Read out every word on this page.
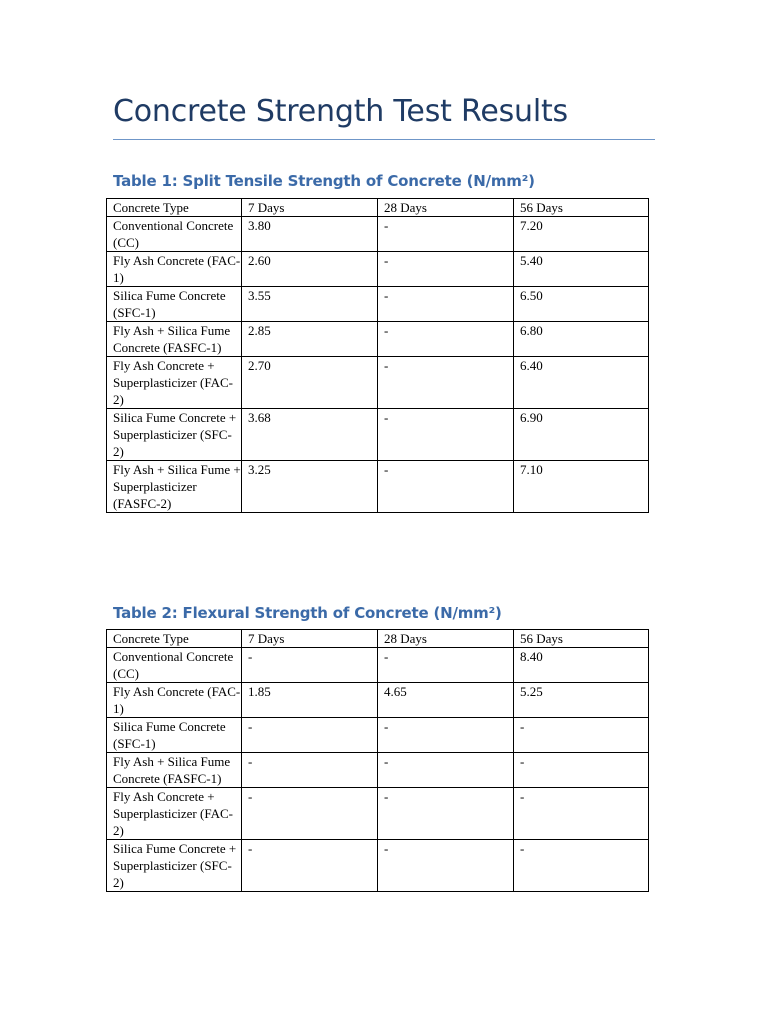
Concrete Strength Test Results
Table 1: Split Tensile Strength of Concrete (N/mm²)
Concrete Type	7 Days	28 Days	56 Days
Conventional Concrete (CC)	3.80	-	7.20
Fly Ash Concrete (FAC-1)	2.60	-	5.40
Silica Fume Concrete (SFC-1)	3.55	-	6.50
Fly Ash + Silica Fume Concrete (FASFC-1)	2.85	-	6.80
Fly Ash Concrete + Superplasticizer (FAC-2)	2.70	-	6.40
Silica Fume Concrete + Superplasticizer (SFC-2)	3.68	-	6.90
Fly Ash + Silica Fume + Superplasticizer (FASFC-2)	3.25	-	7.10
Table 2: Flexural Strength of Concrete (N/mm²)
Concrete Type	7 Days	28 Days	56 Days
Conventional Concrete (CC)	-	-	8.40
Fly Ash Concrete (FAC-1)	1.85	4.65	5.25
Silica Fume Concrete (SFC-1)	-	-	-
Fly Ash + Silica Fume Concrete (FASFC-1)	-	-	-
Fly Ash Concrete + Superplasticizer (FAC-2)	-	-	-
Silica Fume Concrete + Superplasticizer (SFC-2)	-	-	-
